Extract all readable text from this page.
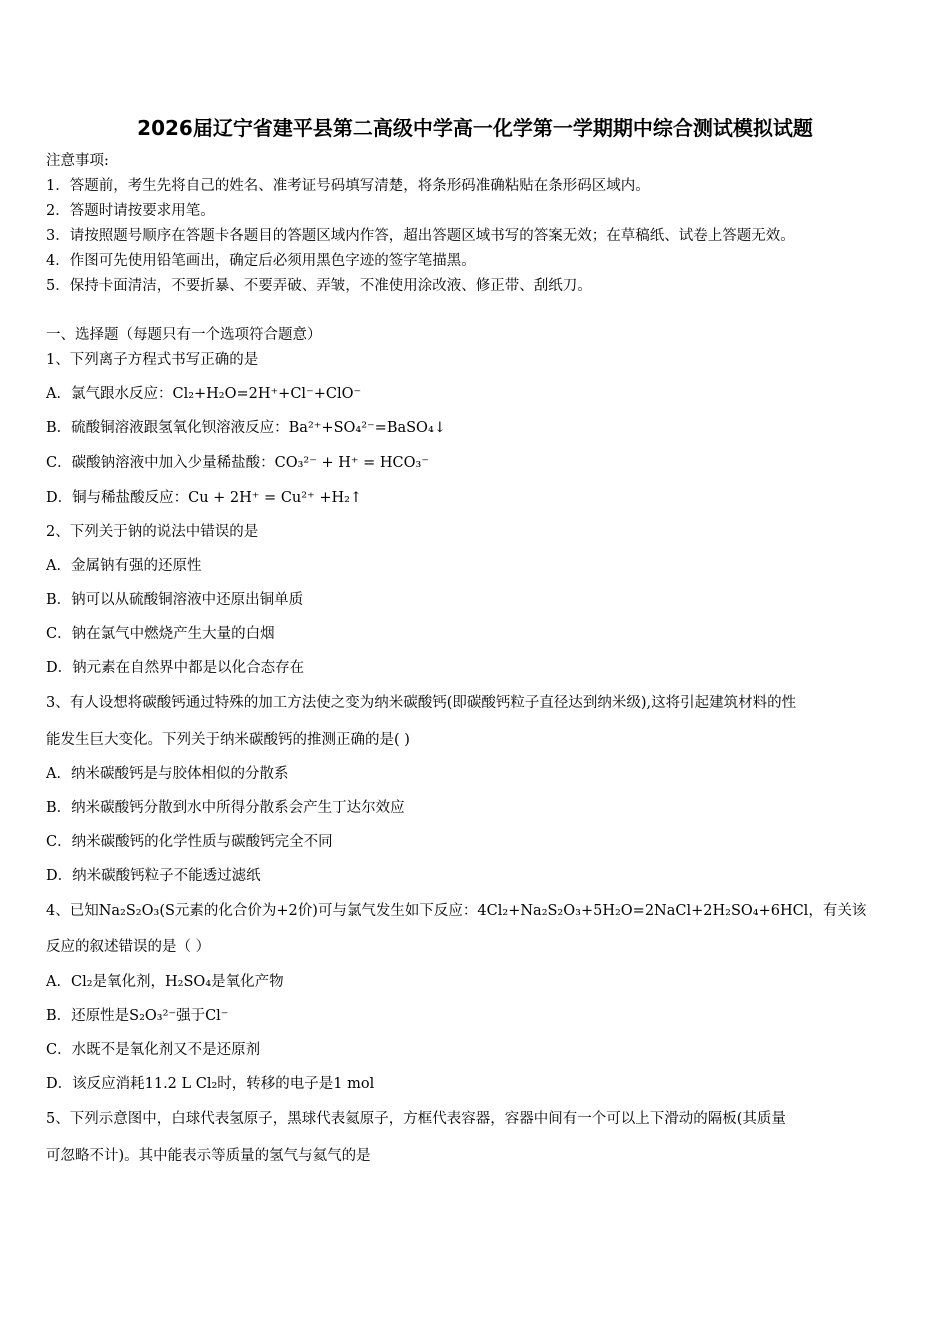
2026届辽宁省建平县第二高级中学高一化学第一学期期中综合测试模拟试题
注意事项:
1．答题前，考生先将自己的姓名、准考证号码填写清楚，将条形码准确粘贴在条形码区域内。
2．答题时请按要求用笔。
3．请按照题号顺序在答题卡各题目的答题区域内作答，超出答题区域书写的答案无效；在草稿纸、试卷上答题无效。
4．作图可先使用铅笔画出，确定后必须用黑色字迹的签字笔描黑。
5．保持卡面清洁，不要折暴、不要弄破、弄皱，不准使用涂改液、修正带、刮纸刀。
一、选择题（每题只有一个选项符合题意）
1、下列离子方程式书写正确的是
A．氯气跟水反应：Cl₂+H₂O=2H⁺+Cl⁻+ClO⁻
B．硫酸铜溶液跟氢氧化钡溶液反应：Ba²⁺+SO₄²⁻=BaSO₄↓
C．碳酸钠溶液中加入少量稀盐酸：CO₃²⁻ + H⁺ = HCO₃⁻
D．铜与稀盐酸反应：Cu + 2H⁺ = Cu²⁺ +H₂↑
2、下列关于钠的说法中错误的是
A．金属钠有强的还原性
B．钠可以从硫酸铜溶液中还原出铜单质
C．钠在氯气中燃烧产生大量的白烟
D．钠元素在自然界中都是以化合态存在
3、有人设想将碳酸钙通过特殊的加工方法使之变为纳米碳酸钙(即碳酸钙粒子直径达到纳米级),这将引起建筑材料的性
能发生巨大变化。下列关于纳米碳酸钙的推测正确的是( )
A．纳米碳酸钙是与胶体相似的分散系
B．纳米碳酸钙分散到水中所得分散系会产生丁达尔效应
C．纳米碳酸钙的化学性质与碳酸钙完全不同
D．纳米碳酸钙粒子不能透过滤纸
4、已知Na₂S₂O₃(S元素的化合价为+2价)可与氯气发生如下反应：4Cl₂+Na₂S₂O₃+5H₂O=2NaCl+2H₂SO₄+6HCl，有关该
反应的叙述错误的是（ ）
A．Cl₂是氧化剂，H₂SO₄是氧化产物
B．还原性是S₂O₃²⁻强于Cl⁻
C．水既不是氧化剂又不是还原剂
D．该反应消耗11.2 L Cl₂时，转移的电子是1 mol
5、下列示意图中，白球代表氢原子，黑球代表氦原子，方框代表容器，容器中间有一个可以上下滑动的隔板(其质量
可忽略不计)。其中能表示等质量的氢气与氦气的是
